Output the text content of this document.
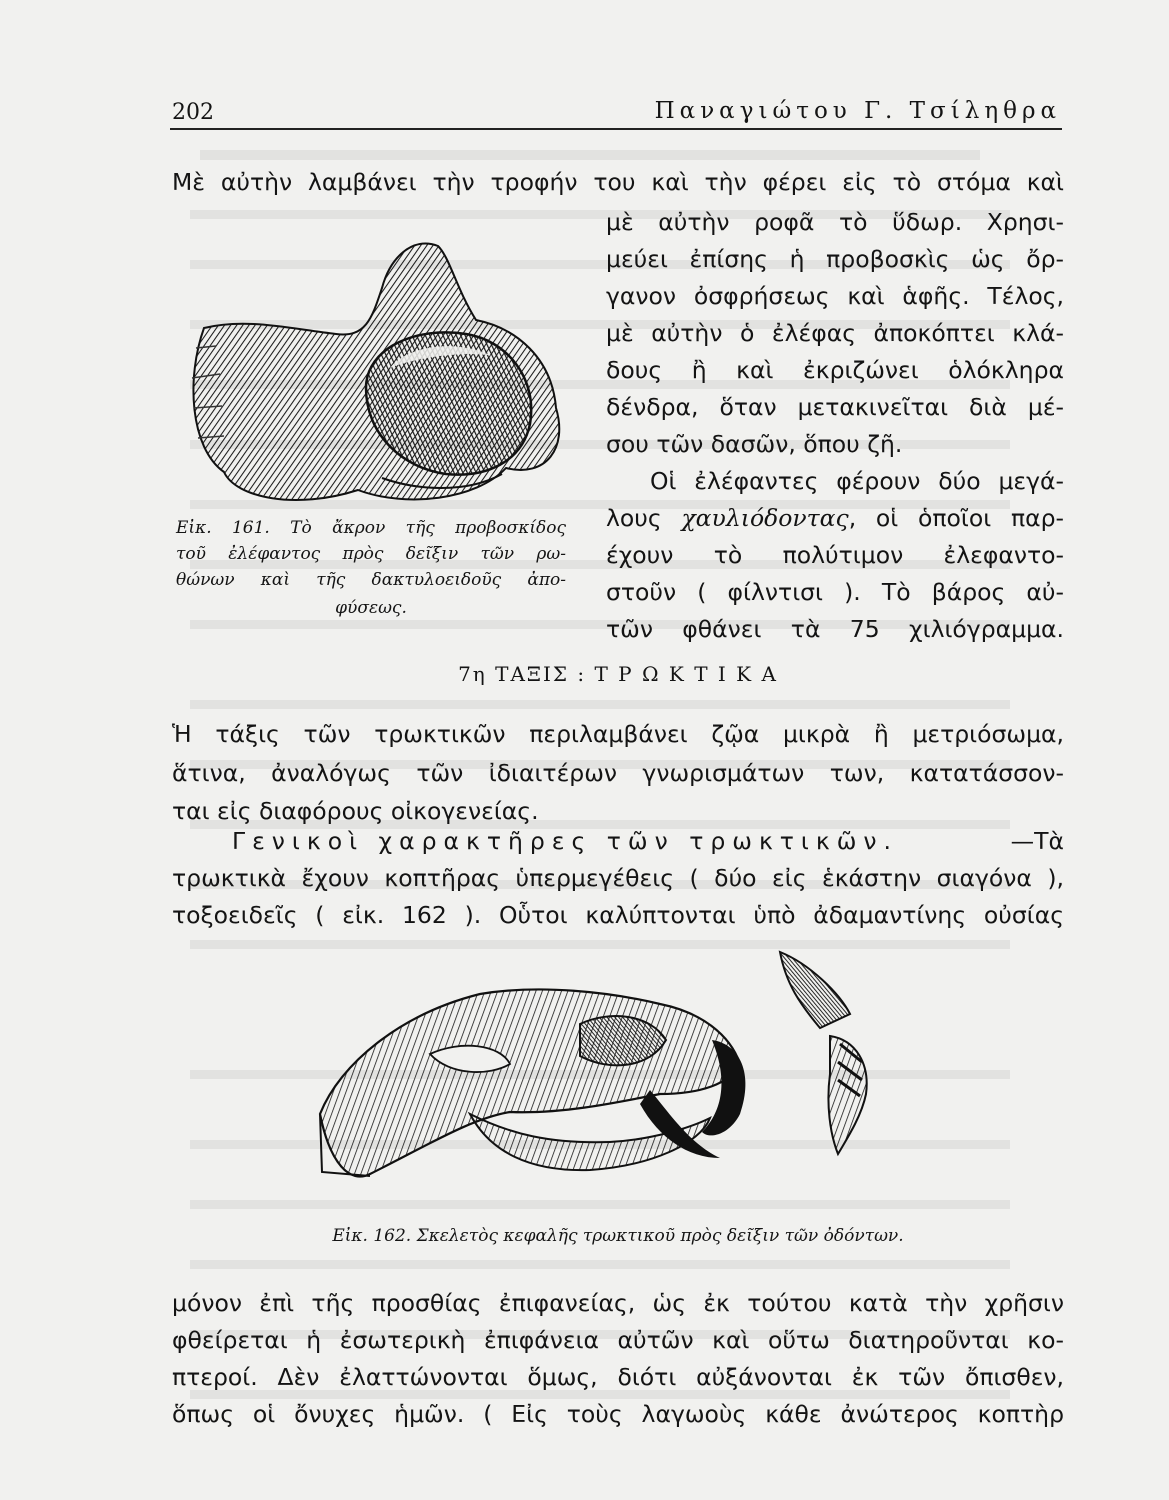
202	Παναγιώτου Γ. Τσίληθρα
Μὲ αὐτὴν λαμβάνει τὴν τροφήν του καὶ τὴν φέρει εἰς τὸ στόμα καὶ
μὲ αὐτὴν ροφᾶ τὸ ὕδωρ. Χρησι-
μεύει ἐπίσης ἡ προβοσκὶς ὡς ὄρ-
γανον ὀσφρήσεως καὶ ἁφῆς. Τέλος,
μὲ αὐτὴν ὁ ἐλέφας ἀποκόπτει κλά-
δους ἢ καὶ ἐκριζώνει ὁλόκληρα
δένδρα, ὅταν μετακινεῖται διὰ μέ-
σου τῶν δασῶν, ὅπου ζῆ.
Οἱ ἐλέφαντες φέρουν δύο μεγά-
λους χαυλιόδοντας, οἱ ὁποῖοι παρ-
έχουν τὸ πολύτιμον ἐλεφαντο-
στοῦν ( φίλντισι ). Τὸ βάρος αὐ-
τῶν φθάνει τὰ 75 χιλιόγραμμα.
Εἰκ. 161. Τὸ ἄκρον τῆς προβοσκίδος
τοῦ ἐλέφαντος πρὸς δεῖξιν τῶν ρω-
θώνων καὶ τῆς δακτυλοειδοῦς ἀπο-
φύσεως.
7η ΤΑΞΙΣ : Τ Ρ Ω Κ Τ Ι Κ Α
Ἡ τάξις τῶν τρωκτικῶν περιλαμβάνει ζῷα μικρὰ ἢ μετριόσωμα,
ἅτινα, ἀναλόγως τῶν ἰδιαιτέρων γνωρισμάτων των, κατατάσσον-
ται εἰς διαφόρους οἰκογενείας.
Γενικοὶ χαρακτῆρες τῶν τρωκτικῶν.	—Τὰ
τρωκτικὰ ἔχουν κοπτῆρας ὑπερμεγέθεις ( δύο εἰς ἑκάστην σιαγόνα ),
τοξοειδεῖς ( εἰκ. 162 ). Οὗτοι καλύπτονται ὑπὸ ἀδαμαντίνης οὐσίας
Εἰκ. 162. Σκελετὸς κεφαλῆς τρωκτικοῦ πρὸς δεῖξιν τῶν ὀδόντων.
μόνον ἐπὶ τῆς προσθίας ἐπιφανείας, ὡς ἐκ τούτου κατὰ τὴν χρῆσιν
φθείρεται ἡ ἐσωτερικὴ ἐπιφάνεια αὐτῶν καὶ οὕτω διατηροῦνται κο-
πτεροί. Δὲν ἐλαττώνονται ὅμως, διότι αὐξάνονται ἐκ τῶν ὄπισθεν,
ὅπως οἱ ὄνυχες ἡμῶν. ( Εἰς τοὺς λαγωοὺς κάθε ἀνώτερος κοπτὴρ
